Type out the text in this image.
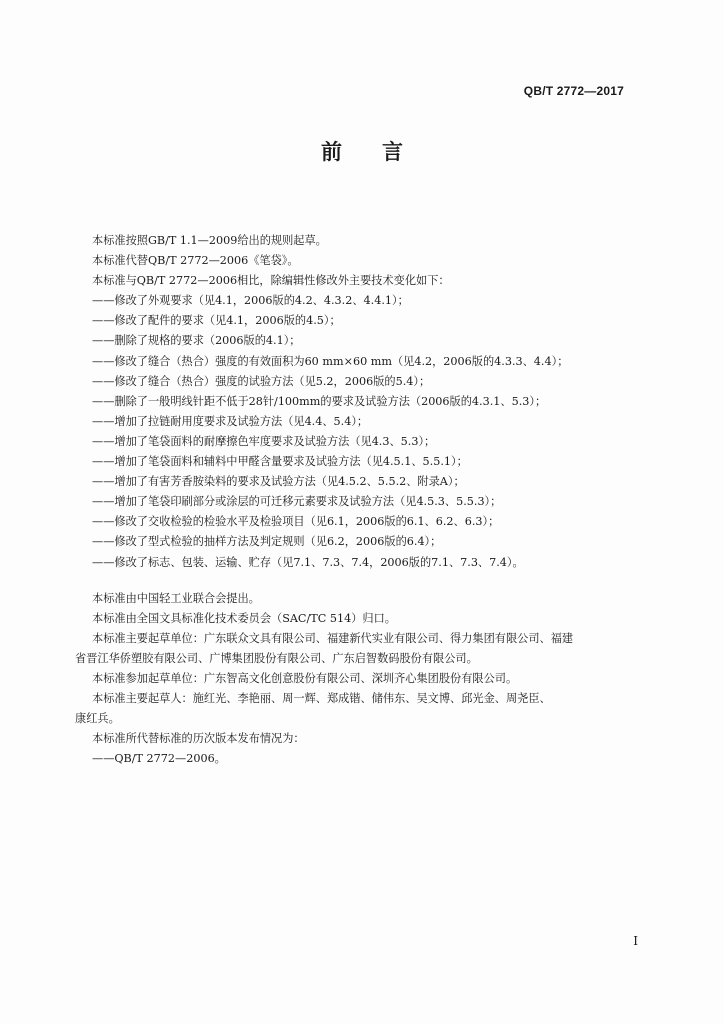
QB/T 2772—2017
前 言
本标准按照GB/T 1.1—2009给出的规则起草。
本标准代替QB/T 2772—2006《笔袋》。
本标准与QB/T 2772—2006相比，除编辑性修改外主要技术变化如下：
——修改了外观要求（见4.1，2006版的4.2、4.3.2、4.4.1）；
——修改了配件的要求（见4.1，2006版的4.5）；
——删除了规格的要求（2006版的4.1）；
——修改了缝合（热合）强度的有效面积为60 mm×60 mm（见4.2，2006版的4.3.3、4.4）；
——修改了缝合（热合）强度的试验方法（见5.2，2006版的5.4）；
——删除了一般明线针距不低于28针/100mm的要求及试验方法（2006版的4.3.1、5.3）；
——增加了拉链耐用度要求及试验方法（见4.4、5.4）；
——增加了笔袋面料的耐摩擦色牢度要求及试验方法（见4.3、5.3）；
——增加了笔袋面料和辅料中甲醛含量要求及试验方法（见4.5.1、5.5.1）；
——增加了有害芳香胺染料的要求及试验方法（见4.5.2、5.5.2、附录A）；
——增加了笔袋印刷部分或涂层的可迁移元素要求及试验方法（见4.5.3、5.5.3）；
——修改了交收检验的检验水平及检验项目（见6.1，2006版的6.1、6.2、6.3）；
——修改了型式检验的抽样方法及判定规则（见6.2，2006版的6.4）；
——修改了标志、包装、运输、贮存（见7.1、7.3、7.4，2006版的7.1、7.3、7.4）。
本标准由中国轻工业联合会提出。
本标准由全国文具标准化技术委员会（SAC/TC 514）归口。
本标准主要起草单位：广东联众文具有限公司、福建新代实业有限公司、得力集团有限公司、福建
省晋江华侨塑胶有限公司、广博集团股份有限公司、广东启智数码股份有限公司。
本标准参加起草单位：广东智高文化创意股份有限公司、深圳齐心集团股份有限公司。
本标准主要起草人：施红光、李艳丽、周一辉、郑成锴、储伟东、吴文博、邱光金、周尧臣、
康红兵。
本标准所代替标准的历次版本发布情况为：
——QB/T 2772—2006。
I
